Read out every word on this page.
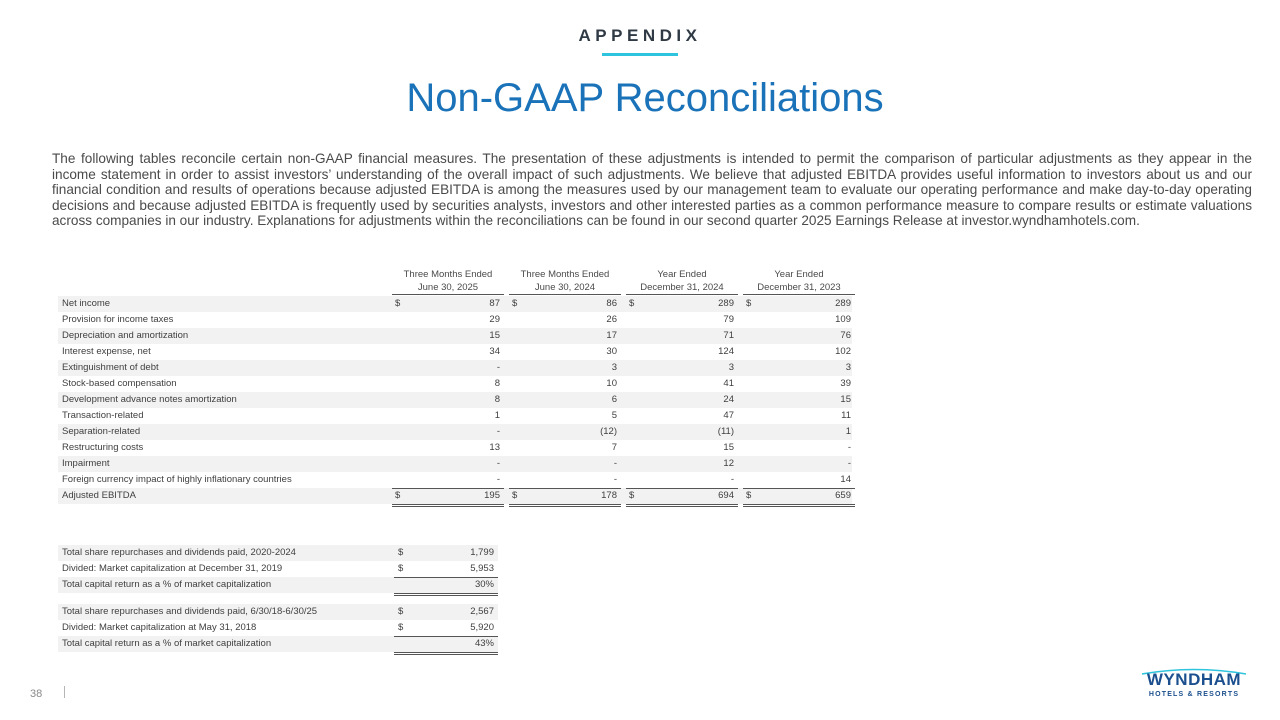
APPENDIX
Non-GAAP Reconciliations

The following tables reconcile certain non-GAAP financial measures. The presentation of these adjustments is intended to permit the comparison of particular adjustments as they appear in the income statement in order to assist investors’ understanding of the overall impact of such adjustments. We believe that adjusted EBITDA provides useful information to investors about us and our financial condition and results of operations because adjusted EBITDA is among the measures used by our management team to evaluate our operating performance and make day-to-day operating decisions and because adjusted EBITDA is frequently used by securities analysts, investors and other interested parties as a common performance measure to compare results or estimate valuations across companies in our industry. Explanations for adjustments within the reconciliations can be found in our second quarter 2025 Earnings Release at investor.wyndhamhotels.com.

Three Months Ended
June 30, 2025
Three Months Ended
June 30, 2024
Year Ended
December 31, 2024
Year Ended
December 31, 2023
Net income	$	87 $	86 $	289 $	289
Provision for income taxes	29	26	79	109
Depreciation and amortization	15	17	71	76
Interest expense, net	34	30	124	102
Extinguishment of debt	-	3	3	3
Stock-based compensation	8	10	41	39
Development advance notes amortization	8	6	24	15
Transaction-related	1	5	47	11
Separation-related	-	(12)	(11)	1
Restructuring costs	13	7	15	-
Impairment	-	-	12	-
Foreign currency impact of highly inflationary countries	-	-	-	14
Adjusted EBITDA	$	195 $	178 $	694 $	659
Total share repurchases and dividends paid, 2020-2024	$	1,799
Divided: Market capitalization at December 31, 2019	$	5,953
Total capital return as a % of market capitalization	30%
Total share repurchases and dividends paid, 6/30/18-6/30/25	$	2,567
Divided: Market capitalization at May 31, 2018	$	5,920
Total capital return as a % of market capitalization	43%
38
WYNDHAM
HOTELS & RESORTS
